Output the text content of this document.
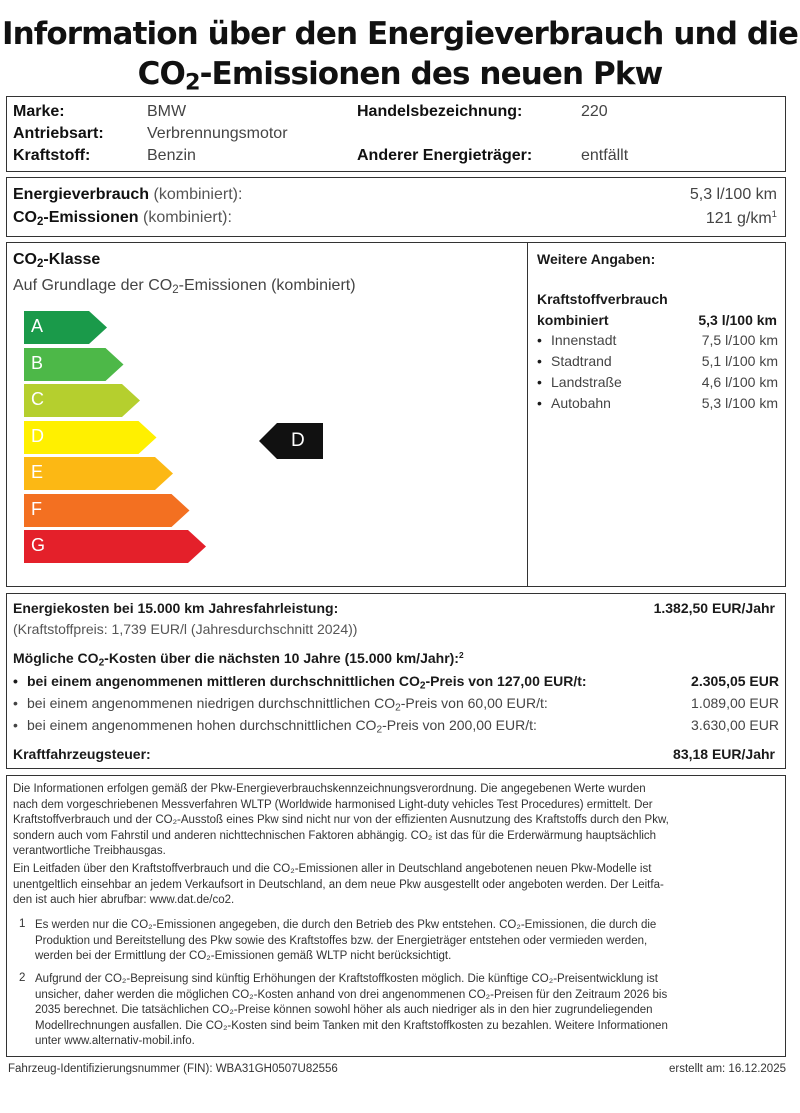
Information über den Energieverbrauch und die
$CO_2$-Emissionen des neuen Pkw
Marke:	BMW
Antriebsart:	Verbrennungsmotor
Kraftstoff:	Benzin
Handelsbezeichnung:	220
Anderer Energieträger:	entfällt
Energieverbrauch (kombiniert):	5,3 l/100 km
$CO_2$-Emissionen (kombiniert):	121 $g/km^1$
$CO_2$-Klasse
Auf Grundlage der $CO_2$-Emissionen (kombiniert)
A
B
C
D
E
F
G
D
Weitere Angaben:
Kraftstoffverbrauch
kombiniert	5,3 l/100 km
• Innenstadt	7,5 l/100 km
• Stadtrand	5,1 l/100 km
• Landstraße	4,6 l/100 km
• Autobahn	5,3 l/100 km
Energiekosten bei 15.000 km Jahresfahrleistung:	1.382,50 EUR/Jahr
(Kraftstoffpreis: 1,739 EUR/l (Jahresdurchschnitt 2024))
Mögliche $CO_2$-Kosten über die nächsten 10 Jahre (15.000 km/Jahr):$^2$
• bei einem angenommenen mittleren durchschnittlichen $CO_2$-Preis von 127,00 EUR/t:	2.305,05 EUR
• bei einem angenommenen niedrigen durchschnittlichen $CO_2$-Preis von 60,00 EUR/t:	1.089,00 EUR
• bei einem angenommenen hohen durchschnittlichen $CO_2$-Preis von 200,00 EUR/t:	3.630,00 EUR
Kraftfahrzeugsteuer:	83,18 EUR/Jahr
Die Informationen erfolgen gemäß der Pkw-Energieverbrauchskennzeichnungsverordnung. Die angegebenen Werte wurden
nach dem vorgeschriebenen Messverfahren WLTP (Worldwide harmonised Light-duty vehicles Test Procedures) ermittelt. Der
Kraftstoffverbrauch und der CO₂-Ausstoß eines Pkw sind nicht nur von der effizienten Ausnutzung des Kraftstoffs durch den Pkw,
sondern auch vom Fahrstil und anderen nichttechnischen Faktoren abhängig. CO₂ ist das für die Erderwärmung hauptsächlich
verantwortliche Treibhausgas.
Ein Leitfaden über den Kraftstoffverbrauch und die CO₂-Emissionen aller in Deutschland angebotenen neuen Pkw-Modelle ist
unentgeltlich einsehbar an jedem Verkaufsort in Deutschland, an dem neue Pkw ausgestellt oder angeboten werden. Der Leitfa-
den ist auch hier abrufbar: www.dat.de/co2.
1 Es werden nur die CO₂-Emissionen angegeben, die durch den Betrieb des Pkw entstehen. CO₂-Emissionen, die durch die
Produktion und Bereitstellung des Pkw sowie des Kraftstoffes bzw. der Energieträger entstehen oder vermieden werden,
werden bei der Ermittlung der CO₂-Emissionen gemäß WLTP nicht berücksichtigt.
2 Aufgrund der CO₂-Bepreisung sind künftig Erhöhungen der Kraftstoffkosten möglich. Die künftige CO₂-Preisentwicklung ist
unsicher, daher werden die möglichen CO₂-Kosten anhand von drei angenommenen CO₂-Preisen für den Zeitraum 2026 bis
2035 berechnet. Die tatsächlichen CO₂-Preise können sowohl höher als auch niedriger als in den hier zugrundeliegenden
Modellrechnungen ausfallen. Die CO₂-Kosten sind beim Tanken mit den Kraftstoffkosten zu bezahlen. Weitere Informationen
unter www.alternativ-mobil.info.
Fahrzeug-Identifizierungsnummer (FIN): WBA31GH0507U82556	erstellt am: 16.12.2025
